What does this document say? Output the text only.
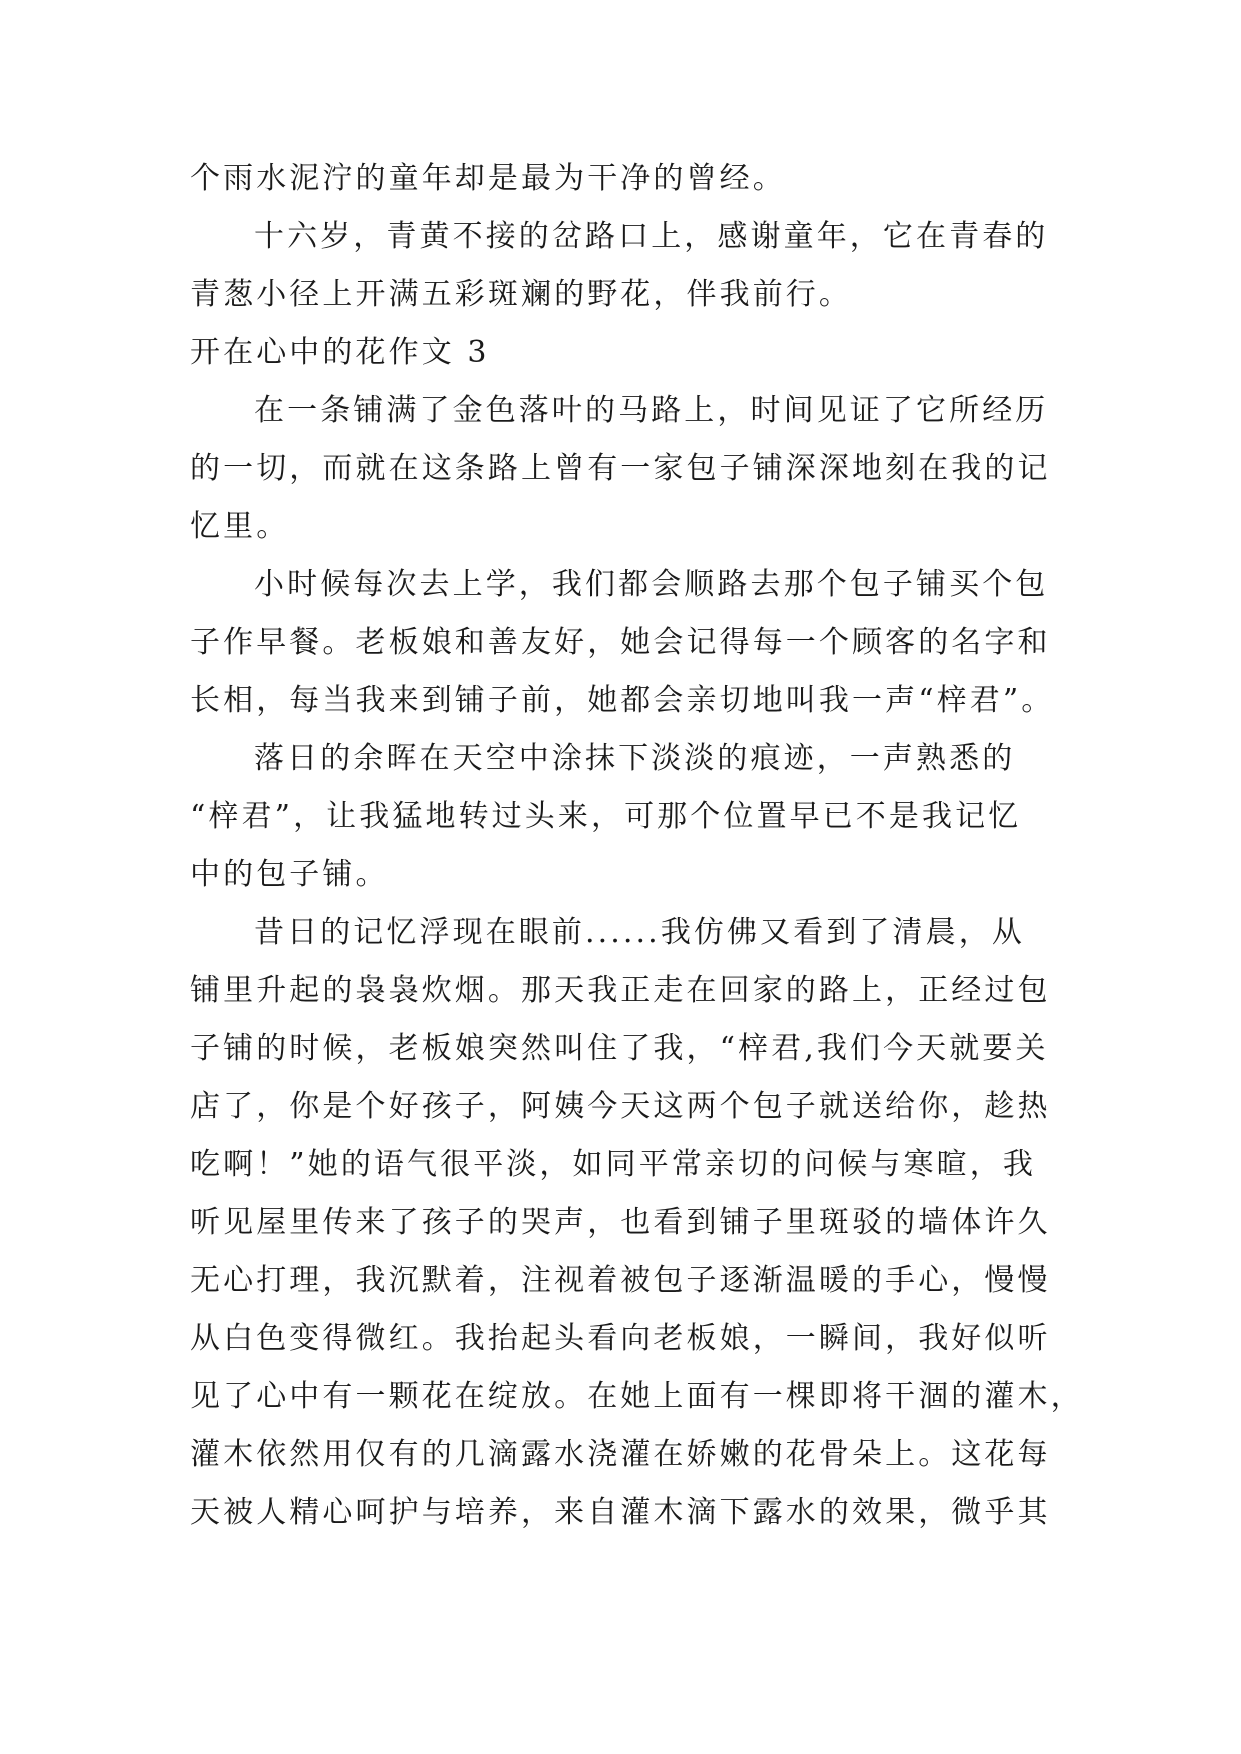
个雨水泥泞的童年却是最为干净的曾经。
十六岁，青黄不接的岔路口上，感谢童年，它在青春的
青葱小径上开满五彩斑斓的野花，伴我前行。
开在心中的花作文 3
在一条铺满了金色落叶的马路上，时间见证了它所经历
的一切，而就在这条路上曾有一家包子铺深深地刻在我的记
忆里。
小时候每次去上学，我们都会顺路去那个包子铺买个包
子作早餐。老板娘和善友好，她会记得每一个顾客的名字和
长相，每当我来到铺子前，她都会亲切地叫我一声“梓君”。
落日的余晖在天空中涂抹下淡淡的痕迹，一声熟悉的
“梓君”，让我猛地转过头来，可那个位置早已不是我记忆
中的包子铺。
昔日的记忆浮现在眼前......我仿佛又看到了清晨，从
铺里升起的袅袅炊烟。那天我正走在回家的路上，正经过包
子铺的时候，老板娘突然叫住了我，“梓君,我们今天就要关
店了，你是个好孩子，阿姨今天这两个包子就送给你，趁热
吃啊！”她的语气很平淡，如同平常亲切的问候与寒暄，我
听见屋里传来了孩子的哭声，也看到铺子里斑驳的墙体许久
无心打理，我沉默着，注视着被包子逐渐温暖的手心，慢慢
从白色变得微红。我抬起头看向老板娘，一瞬间，我好似听
见了心中有一颗花在绽放。在她上面有一棵即将干涸的灌木，
灌木依然用仅有的几滴露水浇灌在娇嫩的花骨朵上。这花每
天被人精心呵护与培养，来自灌木滴下露水的效果，微乎其
